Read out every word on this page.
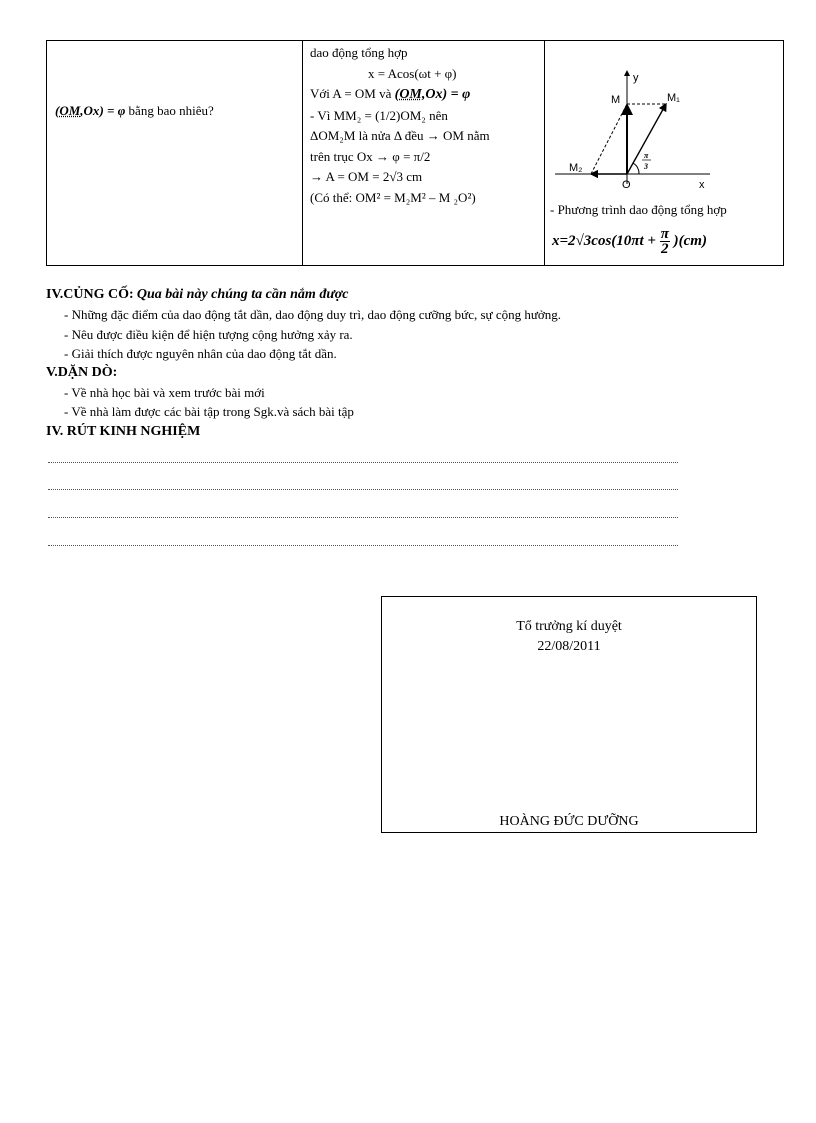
(OM,Ox) = φ bằng bao nhiêu?

dao động tổng hợp
x = Acos(ωt + φ)
Với A = OM và (OM,Ox) = φ
- Vì MM₂ = (1/2)OM₂ nên
ΔOM₂M là nửa Δ đều → OM nằm
trên trục Ox → φ = π/2
→ A = OM = 2√3 cm
(Có thể: OM² = M₂M² – M ₂O²)

y
M	M₁
M₂
O	x
π
3
- Phương trình dao động tổng hợp
$x=2√3\cos(10\pi t + \frac{\pi}{2} )(cm)$
IV.CỦNG CỐ: Qua bài này chúng ta cần nắm được
- Những đặc điểm của dao động tắt dần, dao động duy trì, dao động cưỡng bức, sự cộng hưởng.
- Nêu được điều kiện để hiện tượng cộng hưởng xảy ra.
- Giải thích được nguyên nhân của dao động tắt dần.
V.DẶN DÒ:
- Về nhà học bài và xem trước bài mới
- Về nhà làm được các bài tập trong Sgk.và sách bài tập
IV. RÚT KINH NGHIỆM
Tổ trưởng kí duyệt
22/08/2011
HOÀNG ĐỨC DƯỠNG
